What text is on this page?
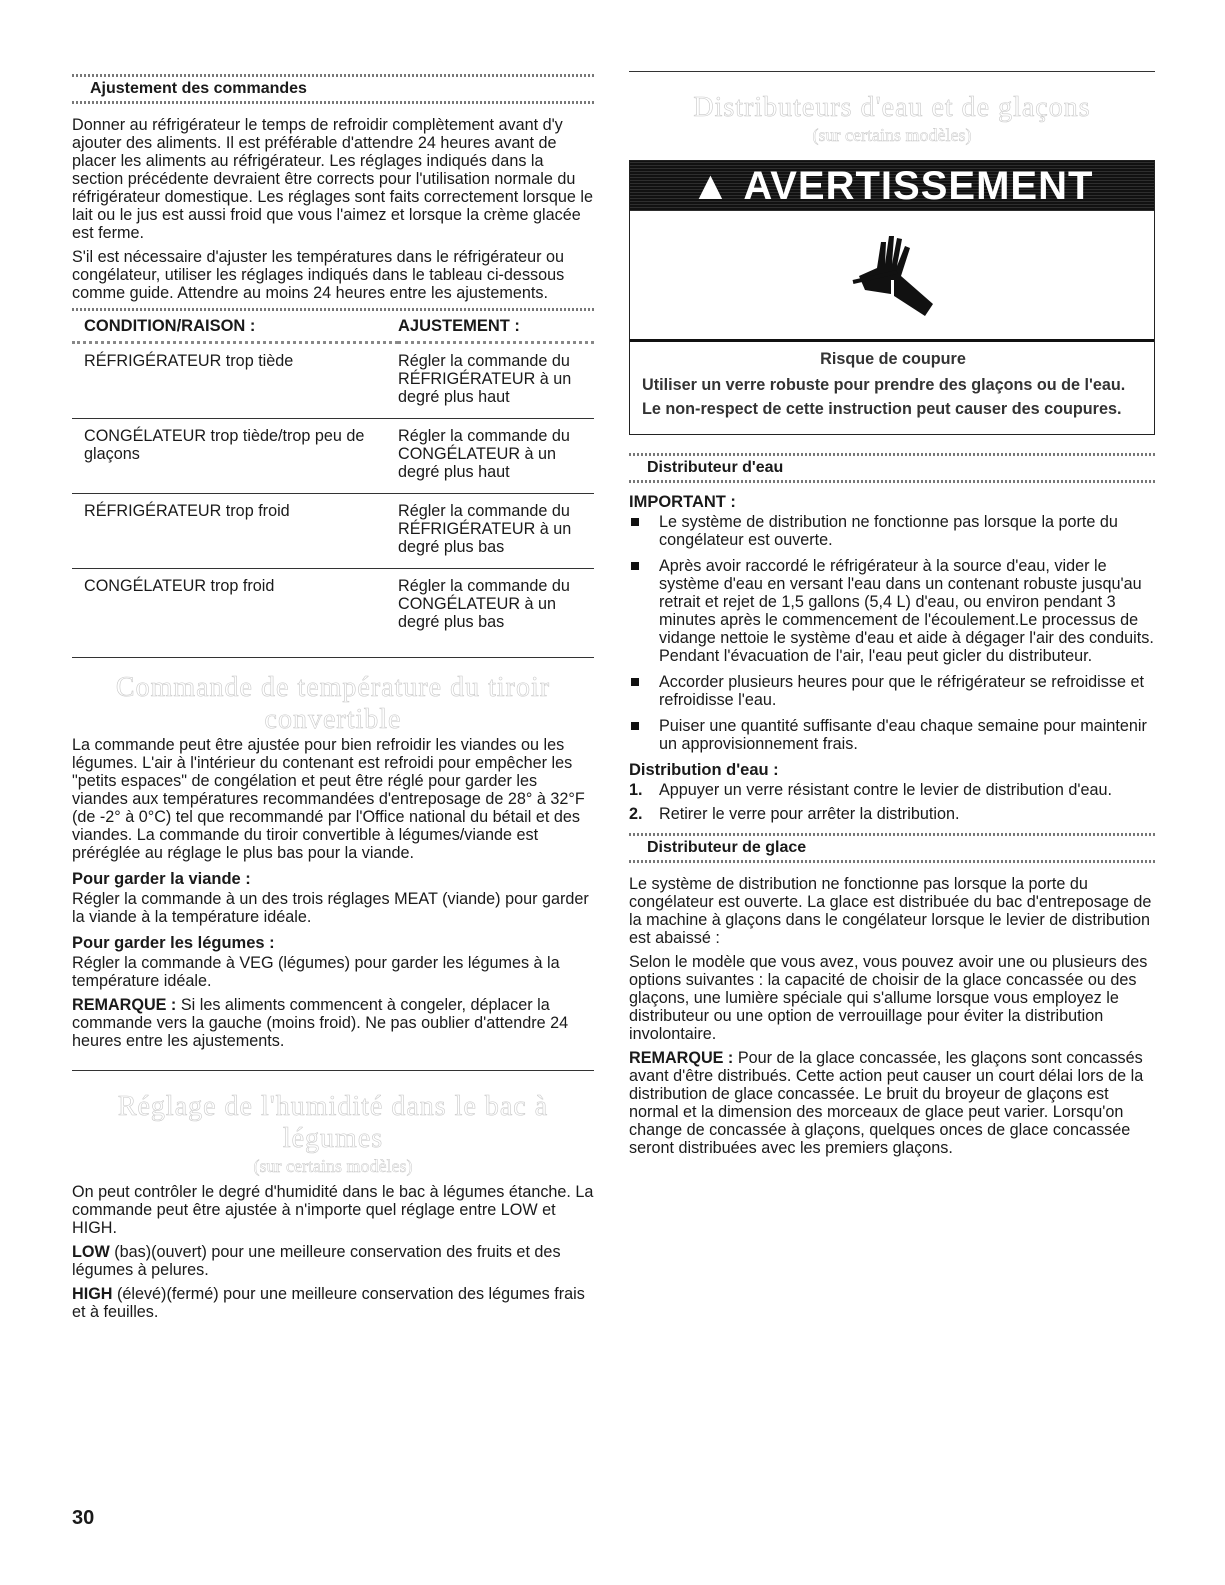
Ajustement des commandes

Donner au réfrigérateur le temps de refroidir complètement avant d'y ajouter des aliments. Il est préférable d'attendre 24 heures avant de placer les aliments au réfrigérateur. Les réglages indiqués dans la section précédente devraient être corrects pour l'utilisation normale du réfrigérateur domestique. Les réglages sont faits correctement lorsque le lait ou le jus est aussi froid que vous l'aimez et lorsque la crème glacée est ferme.

S'il est nécessaire d'ajuster les températures dans le réfrigérateur ou congélateur, utiliser les réglages indiqués dans le tableau ci-dessous comme guide. Attendre au moins 24 heures entre les ajustements.

CONDITION/RAISON :	AJUSTEMENT :
RÉFRIGÉRATEUR trop tiède	Régler la commande du RÉFRIGÉRATEUR à un degré plus haut
CONGÉLATEUR trop tiède/trop peu de glaçons	Régler la commande du CONGÉLATEUR à un degré plus haut
RÉFRIGÉRATEUR trop froid	Régler la commande du RÉFRIGÉRATEUR à un degré plus bas
CONGÉLATEUR trop froid	Régler la commande du CONGÉLATEUR à un degré plus bas
Commande de température du tiroir convertible

La commande peut être ajustée pour bien refroidir les viandes ou les légumes. L'air à l'intérieur du contenant est refroidi pour empêcher les "petits espaces" de congélation et peut être réglé pour garder les viandes aux températures recommandées d'entreposage de 28° à 32°F (de -2° à 0°C) tel que recommandé par l'Office national du bétail et des viandes. La commande du tiroir convertible à légumes/viande est préréglée au réglage le plus bas pour la viande.

Pour garder la viande :

Régler la commande à un des trois réglages MEAT (viande) pour garder la viande à la température idéale.

Pour garder les légumes :

Régler la commande à VEG (légumes) pour garder les légumes à la température idéale.

REMARQUE : Si les aliments commencent à congeler, déplacer la commande vers la gauche (moins froid). Ne pas oublier d'attendre 24 heures entre les ajustements.

Réglage de l'humidité dans le bac à légumes
(sur certains modèles)

On peut contrôler le degré d'humidité dans le bac à légumes étanche. La commande peut être ajustée à n'importe quel réglage entre LOW et HIGH.

LOW (bas)(ouvert) pour une meilleure conservation des fruits et des légumes à pelures.

HIGH (élevé)(fermé) pour une meilleure conservation des légumes frais et à feuilles.

Distributeurs d'eau et de glaçons
(sur certains modèles)
▲ AVERTISSEMENT
Risque de coupure

Utiliser un verre robuste pour prendre des glaçons ou de l'eau.

Le non-respect de cette instruction peut causer des coupures.

Distributeur d'eau
IMPORTANT :
Le système de distribution ne fonctionne pas lorsque la porte du congélateur est ouverte.
Après avoir raccordé le réfrigérateur à la source d'eau, vider le système d'eau en versant l'eau dans un contenant robuste jusqu'au retrait et rejet de 1,5 gallons (5,4 L) d'eau, ou environ pendant 3 minutes après le commencement de l'écoulement.Le processus de vidange nettoie le système d'eau et aide à dégager l'air des conduits. Pendant l'évacuation de l'air, l'eau peut gicler du distributeur.
Accorder plusieurs heures pour que le réfrigérateur se refroidisse et refroidisse l'eau.
Puiser une quantité suffisante d'eau chaque semaine pour maintenir un approvisionnement frais.
Distribution d'eau :
1. Appuyer un verre résistant contre le levier de distribution d'eau.
2. Retirer le verre pour arrêter la distribution.
Distributeur de glace

Le système de distribution ne fonctionne pas lorsque la porte du congélateur est ouverte. La glace est distribuée du bac d'entreposage de la machine à glaçons dans le congélateur lorsque le levier de distribution est abaissé :

Selon le modèle que vous avez, vous pouvez avoir une ou plusieurs des options suivantes : la capacité de choisir de la glace concassée ou des glaçons, une lumière spéciale qui s'allume lorsque vous employez le distributeur ou une option de verrouillage pour éviter la distribution involontaire.

REMARQUE : Pour de la glace concassée, les glaçons sont concassés avant d'être distribués. Cette action peut causer un court délai lors de la distribution de glace concassée. Le bruit du broyeur de glaçons est normal et la dimension des morceaux de glace peut varier. Lorsqu'on change de concassée à glaçons, quelques onces de glace concassée seront distribuées avec les premiers glaçons.

30
